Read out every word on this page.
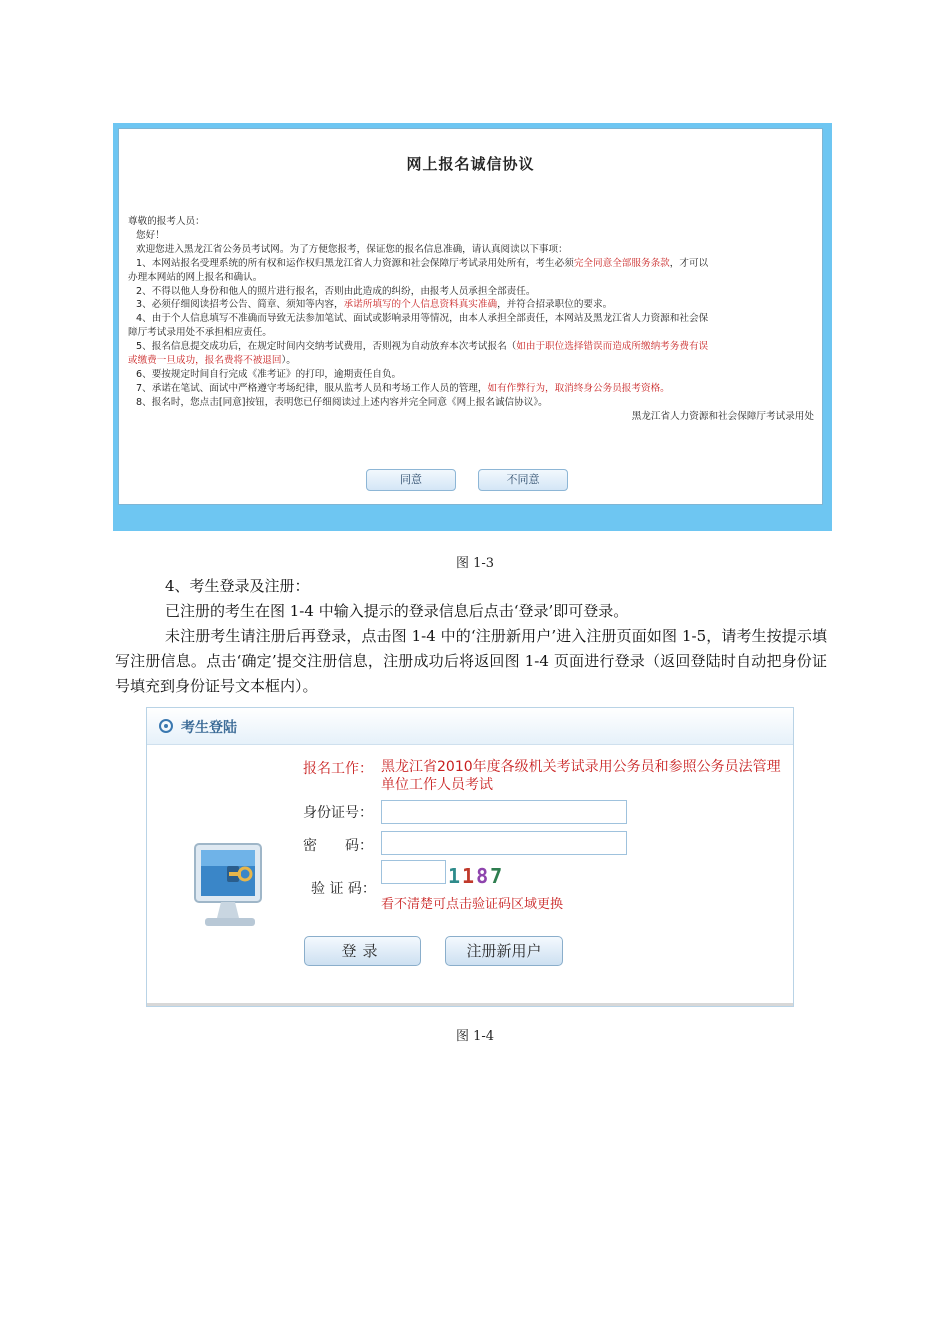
网上报名诚信协议

尊敬的报考人员：

您好！

欢迎您进入黑龙江省公务员考试网。为了方便您报考，保证您的报名信息准确，请认真阅读以下事项：

1、本网站报名受理系统的所有权和运作权归黑龙江省人力资源和社会保障厅考试录用处所有，考生必须完全同意全部服务条款，才可以

办理本网站的网上报名和确认。

2、不得以他人身份和他人的照片进行报名，否则由此造成的纠纷，由报考人员承担全部责任。

3、必须仔细阅读招考公告、简章、须知等内容，承诺所填写的个人信息资料真实准确，并符合招录职位的要求。

4、由于个人信息填写不准确而导致无法参加笔试、面试或影响录用等情况，由本人承担全部责任，本网站及黑龙江省人力资源和社会保

障厅考试录用处不承担相应责任。

5、报名信息提交成功后，在规定时间内交纳考试费用，否则视为自动放弃本次考试报名（如由于职位选择错误而造成所缴纳考务费有误

或缴费一旦成功，报名费将不被退回）。

6、要按规定时间自行完成《准考证》的打印，逾期责任自负。

7、承诺在笔试、面试中严格遵守考场纪律，服从监考人员和考场工作人员的管理，如有作弊行为，取消终身公务员报考资格。

8、报名时，您点击[同意]按钮，表明您已仔细阅读过上述内容并完全同意《网上报名诚信协议》。

黑龙江省人力资源和社会保障厅考试录用处

同意	不同意
图 1-3

4、考生登录及注册：

已注册的考生在图 1-4 中输入提示的登录信息后点击‘登录’即可登录。

未注册考生请注册后再登录，点击图 1-4 中的‘注册新用户’进入注册页面如图 1-5，请考生按提示填写注册信息。点击‘确定’提交注册信息，注册成功后将返回图 1-4 页面进行登录（返回登陆时自动把身份证号填充到身份证号文本框内）。

考生登陆
报名工作： 黑龙江省2010年度各级机关考试录用公务员和参照公务员法管理单位工作人员考试
身份证号：
密　　码：
验 证 码：
1187
看不清楚可点击验证码区域更换
登录	注册新用户
图 1-4
